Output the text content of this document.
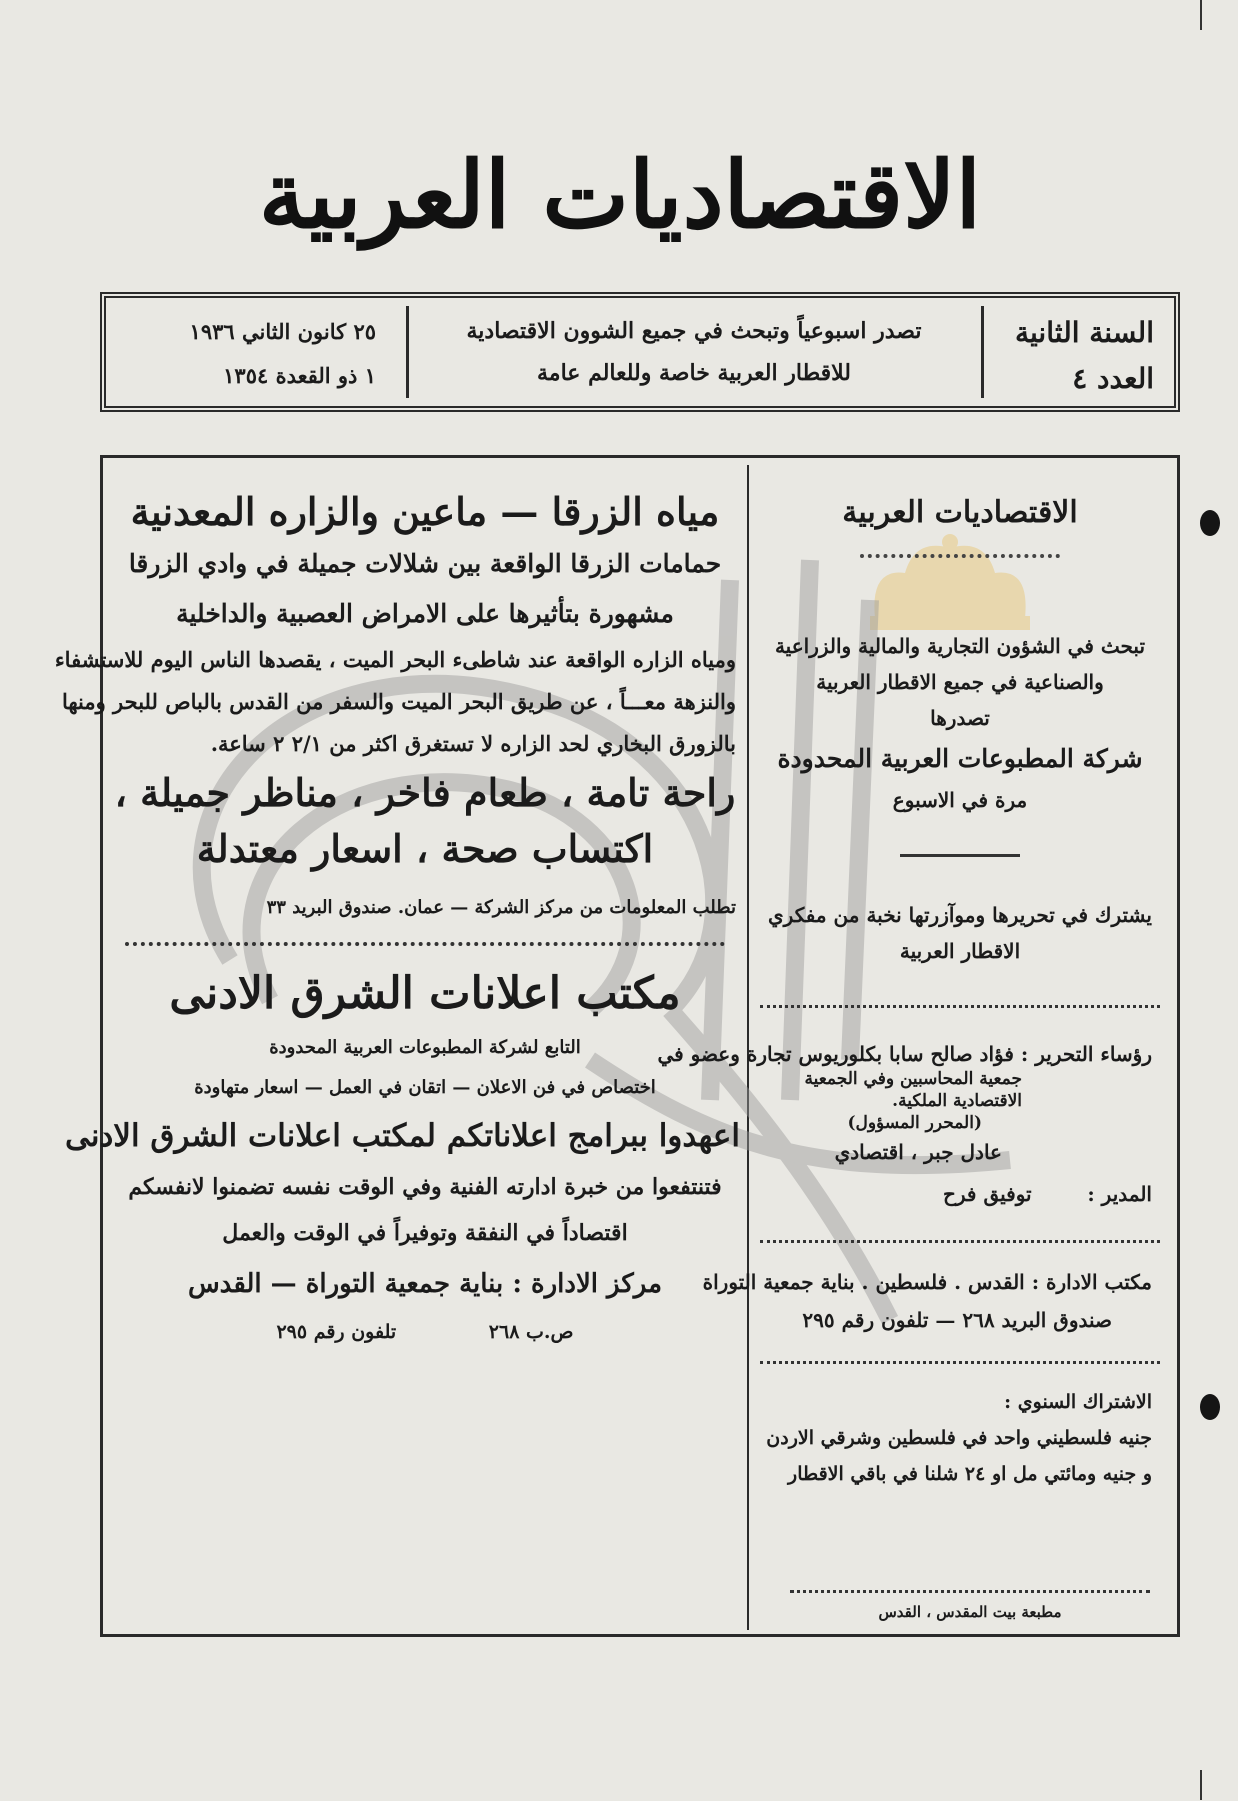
الاقتصاديات العربية
السنة الثانية
العدد ٤
تصدر اسبوعياً وتبحث في جميع الشوون الاقتصادية
للاقطار العربية خاصة وللعالم عامة
٢٥ كانون الثاني ١٩٣٦
١ ذو القعدة ١٣٥٤
الاقتصاديات العربية
تبحث في الشؤون التجارية والمالية والزراعية
والصناعية في جميع الاقطار العربية
تصدرها
شركة المطبوعات العربية المحدودة
مرة في الاسبوع
يشترك في تحريرها وموآزرتها نخبة من مفكري
الاقطار العربية
رؤساء التحرير : فؤاد صالح سابا بكلوريوس تجارة وعضو في
جمعية المحاسبين وفي الجمعية
الاقتصادية الملكية.
(المحرر المسؤول)
عادل جبر ، اقتصادي
المدير :        توفيق فرح
مكتب الادارة : القدس . فلسطين . بناية جمعية التوراة
صندوق البريد ٢٦٨ — تلفون رقم ٢٩٥
الاشتراك السنوي :
جنيه فلسطيني واحد في فلسطين وشرقي الاردن
و جنيه ومائتي مل او ٢٤ شلنا في باقي الاقطار
مطبعة بيت المقدس ، القدس
مياه الزرقا — ماعين والزاره المعدنية
حمامات الزرقا الواقعة بين شلالات جميلة في وادي الزرقا
مشهورة بتأثيرها على الامراض العصبية والداخلية
ومياه الزاره الواقعة عند شاطىء البحر الميت ، يقصدها الناس اليوم للاستشفاء
والنزهة معـــاً ، عن طريق البحر الميت والسفر من القدس بالباص للبحر ومنها
بالزورق البخاري لحد الزاره لا تستغرق اكثر من ٢/١ ٢ ساعة.
راحة تامة ، طعام فاخر ، مناظر جميلة ،
اكتساب صحة ، اسعار معتدلة
تطلب المعلومات من مركز الشركة — عمان. صندوق البريد ٣٣
مكتب اعلانات الشرق الادنى
التابع لشركة المطبوعات العربية المحدودة
اختصاص في فن الاعلان — اتقان في العمل — اسعار متهاودة
اعهدوا ببرامج اعلاناتكم لمكتب اعلانات الشرق الادنى
فتنتفعوا من خبرة ادارته الفنية وفي الوقت نفسه تضمنوا لانفسكم
اقتصاداً في النفقة وتوفيراً في الوقت والعمل
مركز الادارة : بناية جمعية التوراة — القدس
ص.ب ٢٦٨              تلفون رقم ٢٩٥
